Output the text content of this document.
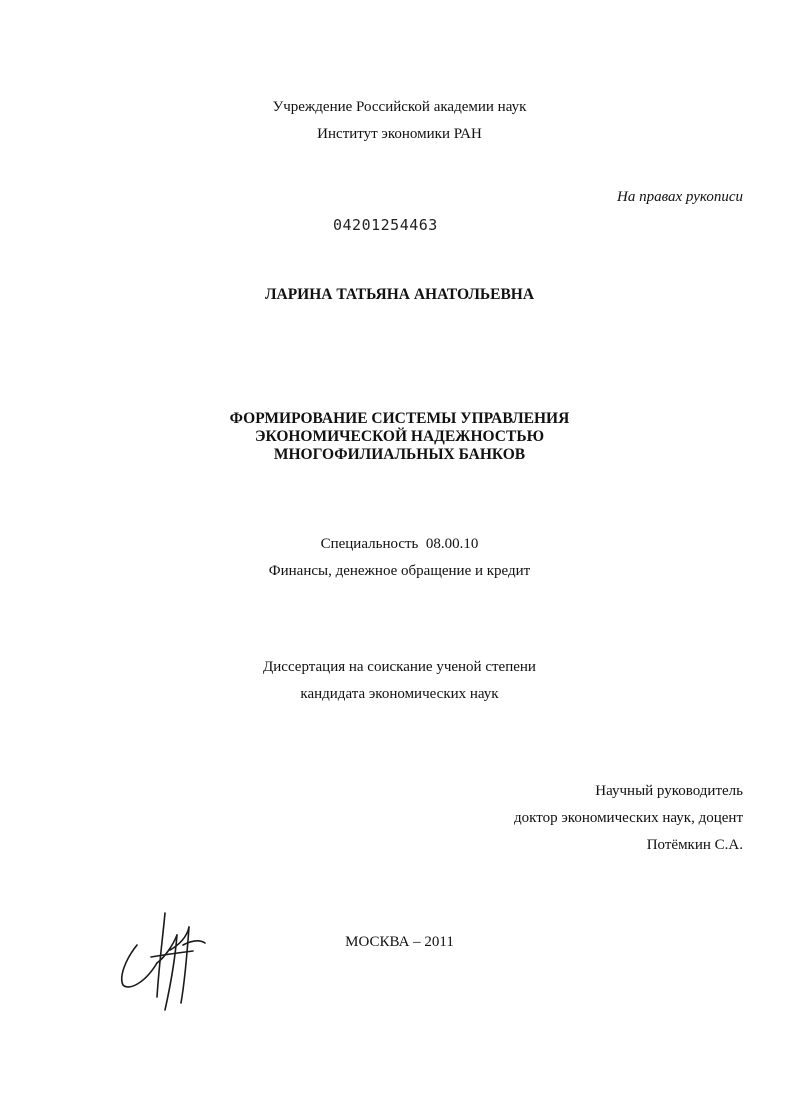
Учреждение Российской академии наук
Институт экономики РАН
На правах рукописи
04201254463
ЛАРИНА ТАТЬЯНА АНАТОЛЬЕВНА
ФОРМИРОВАНИЕ СИСТЕМЫ УПРАВЛЕНИЯ
ЭКОНОМИЧЕСКОЙ НАДЕЖНОСТЬЮ
МНОГОФИЛИАЛЬНЫХ БАНКОВ
Специальность  08.00.10
Финансы, денежное обращение и кредит
Диссертация на соискание ученой степени
кандидата экономических наук
Научный руководитель
доктор экономических наук, доцент
Потёмкин С.А.
МОСКВА – 2011
